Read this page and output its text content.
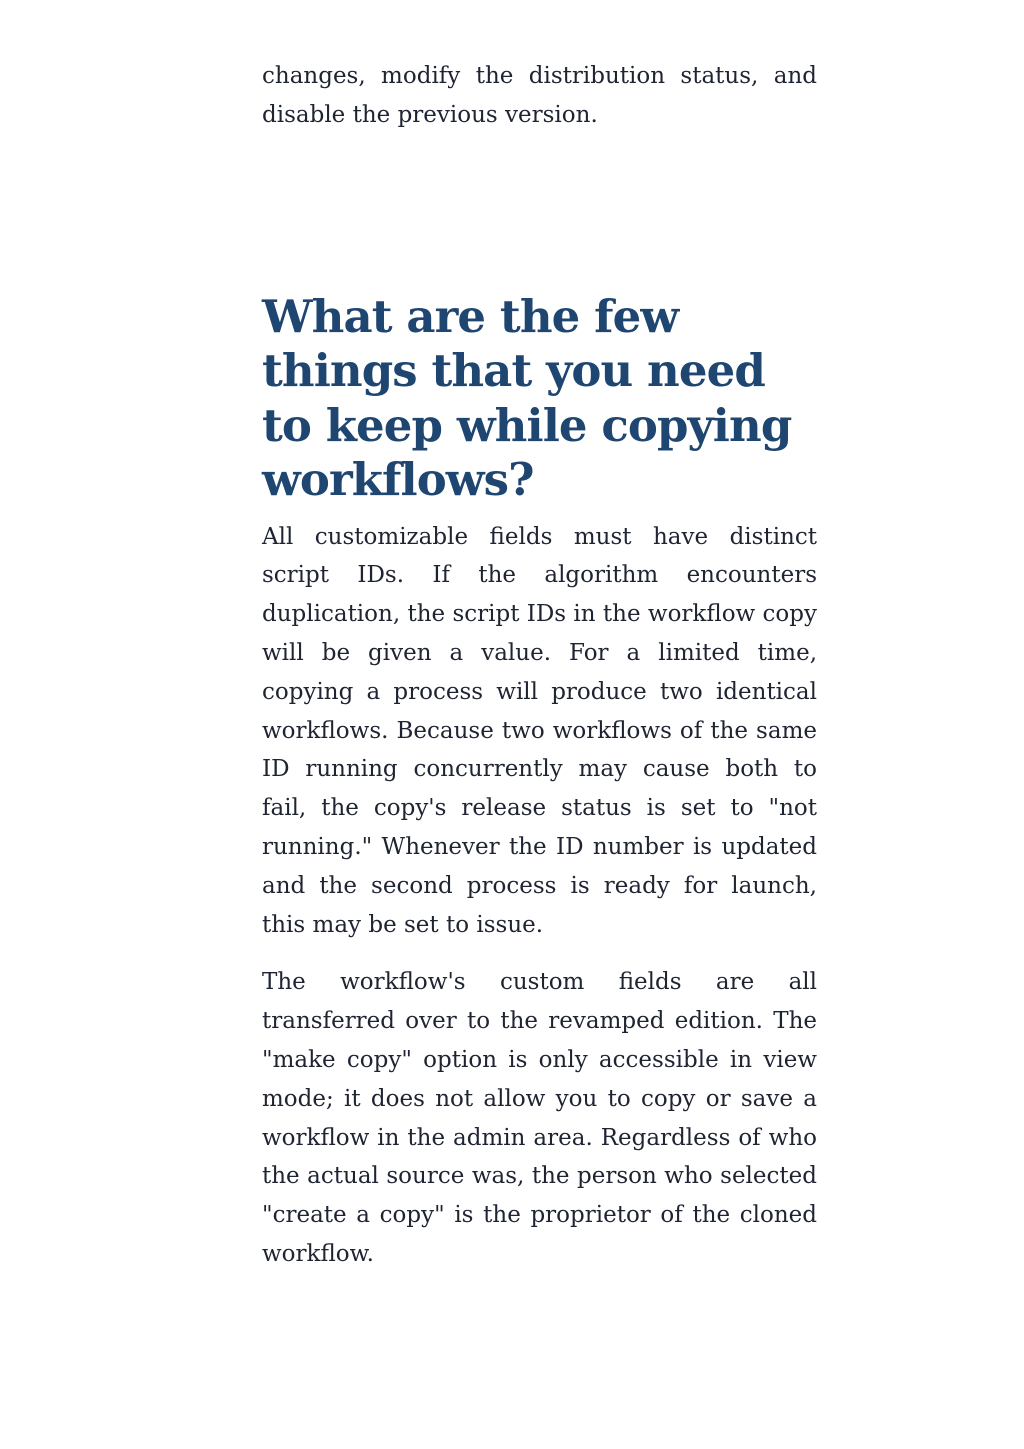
changes, modify the distribution status, and disable the previous version.

What are the few things that you need to keep while copying workflows?

All customizable fields must have distinct script IDs. If the algorithm encounters duplication, the script IDs in the workflow copy will be given a value. For a limited time, copying a process will produce two identical workflows. Because two workflows of the same ID running concurrently may cause both to fail, the copy's release status is set to "not running." Whenever the ID number is updated and the second process is ready for launch, this may be set to issue.

The workflow's custom fields are all transferred over to the revamped edition. The "make copy" option is only accessible in view mode; it does not allow you to copy or save a workflow in the admin area. Regardless of who the actual source was, the person who selected "create a copy" is the proprietor of the cloned workflow.
